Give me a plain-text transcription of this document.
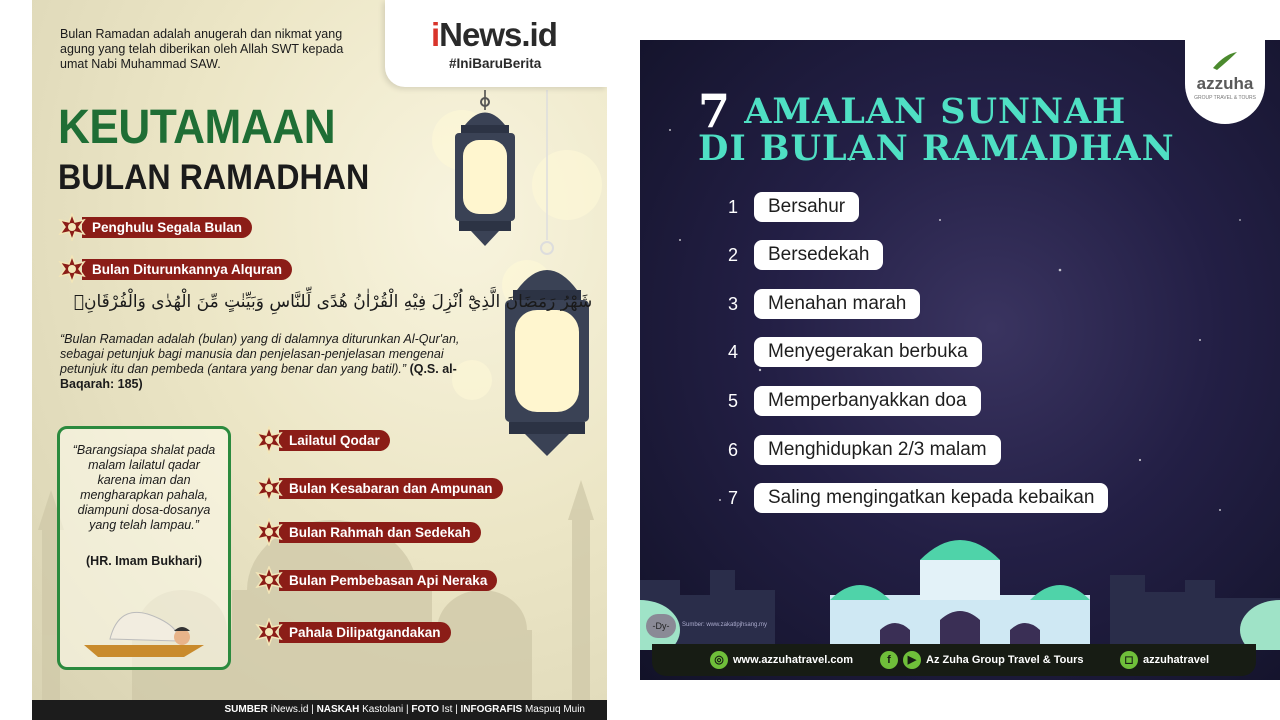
Bulan Ramadan adalah anugerah dan nikmat yang agung yang telah diberikan oleh Allah SWT kepada umat Nabi Muhammad SAW.
iNews.id
#IniBaruBerita
KEUTAMAAN
BULAN RAMADHAN
Penghulu Segala Bulan
Bulan Diturunkannya Alquran
شَهْرُ رَمَضَانَ الَّذِيْٓ اُنْزِلَ فِيْهِ الْقُرْاٰنُ هُدًى لِّلنَّاسِ وَبَيِّنٰتٍ مِّنَ الْهُدٰى وَالْفُرْقَانِۚ
“Bulan Ramadan adalah (bulan) yang di dalamnya diturunkan Al-Qur'an, sebagai petunjuk bagi manusia dan penjelasan-penjelasan mengenai petunjuk itu dan pembeda (antara yang benar dan yang batil).” (Q.S. al-Baqarah: 185)
“Barangsiapa shalat pada malam lailatul qadar karena iman dan mengharapkan pahala, diampuni dosa-dosanya yang telah lampau.”
(HR. Imam Bukhari)
Lailatul Qodar
Bulan Kesabaran dan Ampunan
Bulan Rahmah dan Sedekah
Bulan Pembebasan Api Neraka
Pahala Dilipatgandakan
SUMBER iNews.id | NASKAH Kastolani | FOTO Ist | INFOGRAFIS Maspuq Muin
azzuha
GROUP TRAVEL & TOURS
7 AMALAN SUNNAH
DI BULAN RAMADHAN
1	Bersahur
2	Bersedekah
3	Menahan marah
4	Menyegerakan berbuka
5	Memperbanyakkan doa
6	Menghidupkan 2/3 malam
7	Saling mengingatkan kepada kebaikan
-Dy-	Sumber: www.zakatlpjhsang.my
◎ www.azzuhatravel.com	f	▶ Az Zuha Group Travel & Tours	◻ azzuhatravel
